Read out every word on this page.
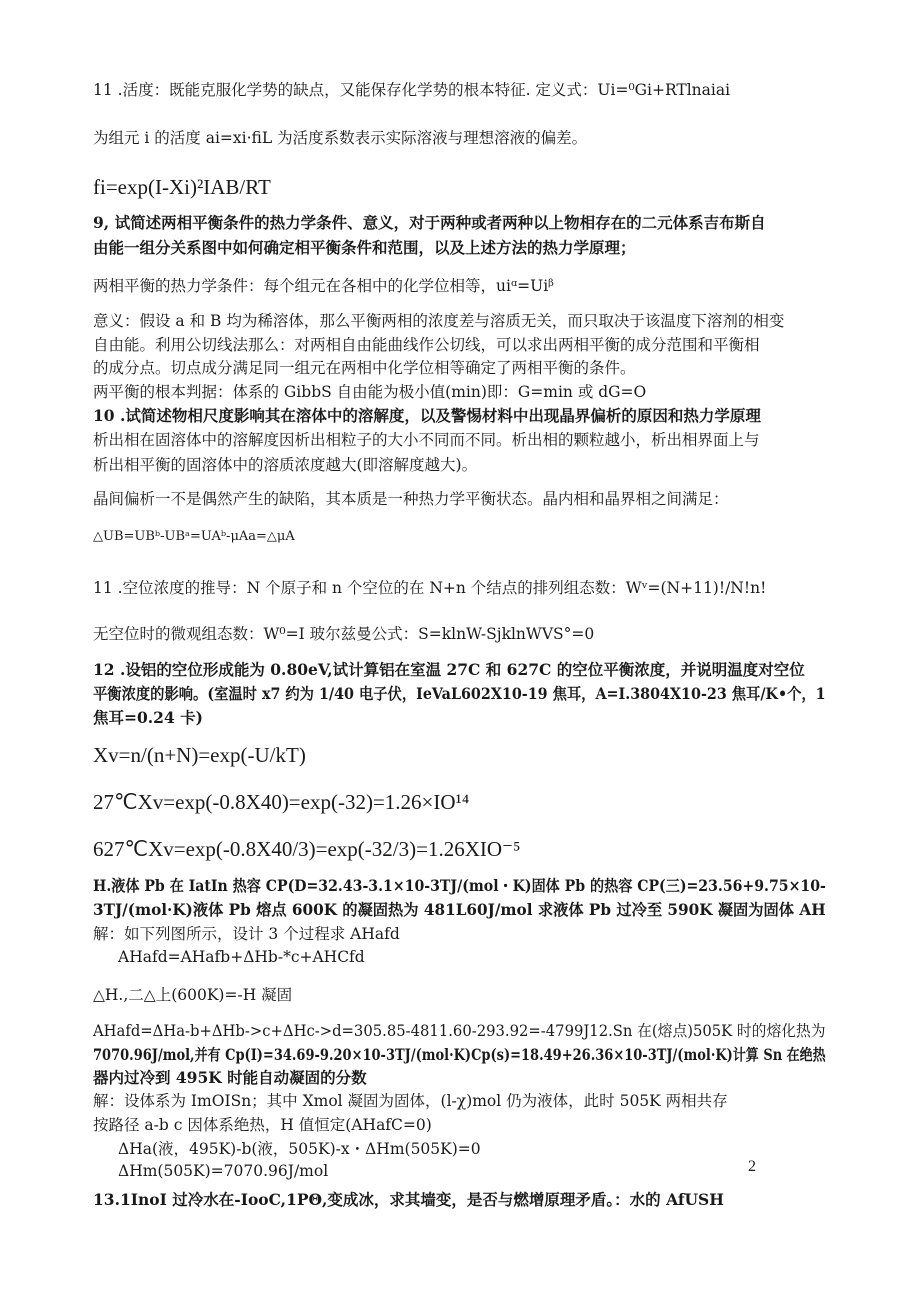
11 .活度：既能克服化学势的缺点，又能保存化学势的根本特征. 定义式：Ui=⁰Gi+RTlnaiai
为组元 i 的活度 ai=xi·fiL 为活度系数表示实际溶液与理想溶液的偏差。
fi=exp(I-Xi)²IAB/RT
9, 试简述两相平衡条件的热力学条件、意义，对于两种或者两种以上物相存在的二元体系吉布斯自
由能一组分关系图中如何确定相平衡条件和范围，以及上述方法的热力学原理；
两相平衡的热力学条件：每个组元在各相中的化学位相等，uiᵅ=Uiᵝ
意义：假设 a 和 B 均为稀溶体，那么平衡两相的浓度差与溶质无关，而只取决于该温度下溶剂的相变
自由能。利用公切线法那么：对两相自由能曲线作公切线，可以求出两相平衡的成分范围和平衡相
的成分点。切点成分满足同一组元在两相中化学位相等确定了两相平衡的条件。
两平衡的根本判据：体系的 GibbS 自由能为极小值(min)即：G=min 或 dG=O
10 .试简述物相尺度影响其在溶体中的溶解度，以及警惕材料中出现晶界偏析的原因和热力学原理
析出相在固溶体中的溶解度因析出相粒子的大小不同而不同。析出相的颗粒越小，析出相界面上与
析出相平衡的固溶体中的溶质浓度越大(即溶解度越大)。
晶间偏析一不是偶然产生的缺陷，其本质是一种热力学平衡状态。晶内相和晶界相之间满足：
△UB=UBᵇ-UBᵃ=UAᵇ-μAa=△μA
11 .空位浓度的推导：N 个原子和 n 个空位的在 N+n 个结点的排列组态数：Wᵛ=(N+11)!/N!n!
无空位时的微观组态数：W⁰=I 玻尔兹曼公式：S=klnW-SjklnWVS°=0
12 .设铝的空位形成能为 0.80eV,试计算铝在室温 27C 和 627C 的空位平衡浓度，并说明温度对空位
平衡浓度的影响。(室温时 x7 约为 1/40 电子伏，IeVaL602X10-19 焦耳，A=I.3804X10-23 焦耳/K•个，1
焦耳=0.24 卡)
Xv=n/(n+N)=exp(-U/kT)
27℃Xv=exp(-0.8X40)=exp(-32)=1.26×IO¹⁴
627℃Xv=exp(-0.8X40/3)=exp(-32/3)=1.26XIO⁻⁵
H.液体 Pb 在 IatIn 热容 CP(D=32.43-3.1×10-3TJ/(mol・K)固体 Pb 的热容 CP(三)=23.56+9.75×10-
3TJ/(mol·K)液体 Pb 熔点 600K 的凝固热为 481L60J/mol 求液体 Pb 过冷至 590K 凝固为固体 AH
解：如下列图所示，设计 3 个过程求 AHafd
AHafd=AHafb+ΔHb-*c+AHCfd
△H.,二△上(600K)=-H 凝固
AHafd=ΔHa-b+ΔHb->c+ΔHc->d=305.85-4811.60-293.92=-4799J12.Sn 在(熔点)505K 时的熔化热为
7070.96J/mol,并有 Cp(I)=34.69-9.20×10-3TJ/(mol·K)Cp(s)=18.49+26.36×10-3TJ/(mol·K)计算 Sn 在绝热
器内过冷到 495K 时能自动凝固的分数
解：设体系为 ImOISn；其中 Xmol 凝固为固体，(l-χ)mol 仍为液体，此时 505K 两相共存
按路径 a-b c 因体系绝热，H 值恒定(AHafC=0)
ΔHa(液，495K)-b(液，505K)-x・ΔHm(505K)=0
ΔHm(505K)=7070.96J/mol	2
13.1InoI 过冷水在-IooC,1PΘ,变成冰，求其墙变，是否与燃增原理矛盾。：水的 AfUSH
